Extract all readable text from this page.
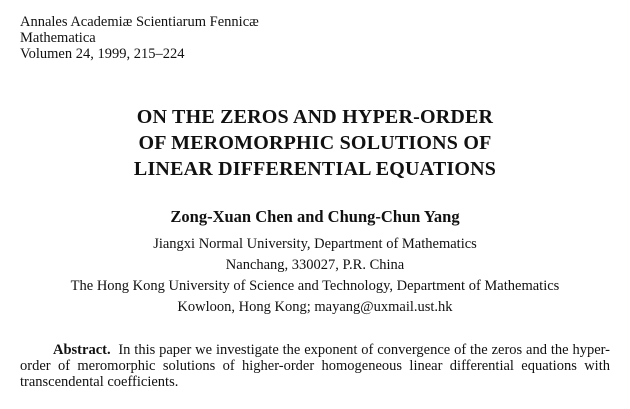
Annales Academiæ Scientiarum Fennicæ
Mathematica
Volumen 24, 1999, 215–224
ON THE ZEROS AND HYPER-ORDER
OF MEROMORPHIC SOLUTIONS OF
LINEAR DIFFERENTIAL EQUATIONS
Zong-Xuan Chen and Chung-Chun Yang
Jiangxi Normal University, Department of Mathematics
Nanchang, 330027, P.R. China
The Hong Kong University of Science and Technology, Department of Mathematics
Kowloon, Hong Kong; mayang@uxmail.ust.hk
Abstract. In this paper we investigate the exponent of convergence of the zeros and the hyper-order of meromorphic solutions of higher-order homogeneous linear differential equations with transcendental coefficients.
